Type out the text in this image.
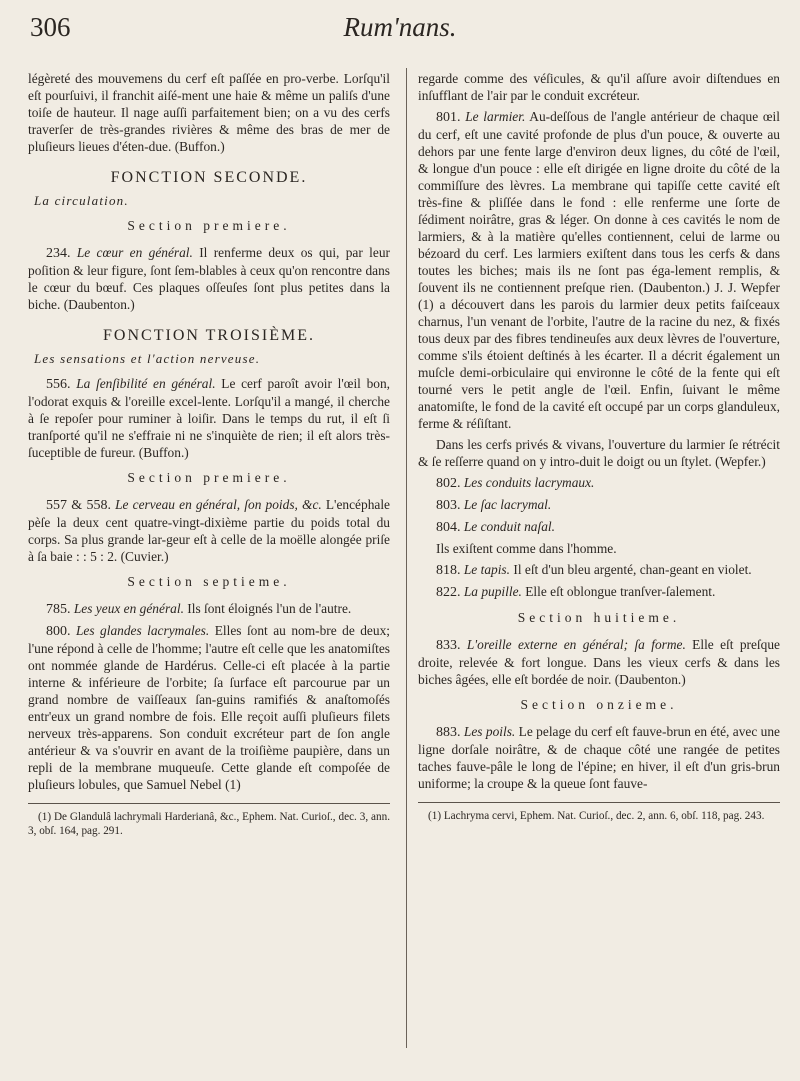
306	Rum'nans.

légèreté des mouvemens du cerf eſt paſſée en pro-verbe. Lorſqu'il eſt pourſuivi, il franchit aiſé-ment une haie & même un paliſs d'une toiſe de hauteur. Il nage auſſi parfaitement bien; on a vu des cerfs traverſer de très-grandes rivières & même des bras de mer de pluſieurs lieues d'éten-due. (Buffon.)

FONCTION SECONDE.
La circulation.
Section premiere.

234. Le cœur en général. Il renferme deux os qui, par leur poſition & leur figure, ſont ſem-blables à ceux qu'on rencontre dans le cœur du bœuf. Ces plaques oſſeuſes ſont plus petites dans la biche. (Daubenton.)

FONCTION TROISIÈME.
Les sensations et l'action nerveuse.

556. La ſenſibilité en général. Le cerf paroît avoir l'œil bon, l'odorat exquis & l'oreille excel-lente. Lorſqu'il a mangé, il cherche à ſe repoſer pour ruminer à loiſir. Dans le temps du rut, il eſt ſi tranſporté qu'il ne s'effraie ni ne s'inquiète de rien; il eſt alors très-ſuceptible de fureur. (Buffon.)

Section premiere.

557 & 558. Le cerveau en général, ſon poids, &c. L'encéphale pèſe la deux cent quatre-vingt-dixième partie du poids total du corps. Sa plus grande lar-geur eſt à celle de la moëlle alongée priſe à ſa baie : : 5 : 2. (Cuvier.)

Section septieme.

785. Les yeux en général. Ils ſont éloignés l'un de l'autre.

800. Les glandes lacrymales. Elles ſont au nom-bre de deux; l'une répond à celle de l'homme; l'autre eſt celle que les anatomiſtes ont nommée glande de Hardérus. Celle-ci eſt placée à la partie interne & inférieure de l'orbite; ſa ſurface eſt parcourue par un grand nombre de vaiſſeaux ſan-guins ramifiés & anaſtomoſés entr'eux un grand nombre de fois. Elle reçoit auſſi pluſieurs filets nerveux très-apparens. Son conduit excréteur part de ſon angle antérieur & va s'ouvrir en avant de la troiſième paupière, dans un repli de la membrane muqueuſe. Cette glande eſt compoſée de pluſieurs lobules, que Samuel Nebel (1)

(1) De Glandulâ lachrymali Harderianâ, &c., Ephem. Nat. Curioſ., dec. 3, ann. 3, obſ. 164, pag. 291.

regarde comme des véſicules, & qu'il aſſure avoir diſtendues en inſufflant de l'air par le conduit excréteur.

801. Le larmier. Au-deſſous de l'angle antérieur de chaque œil du cerf, eſt une cavité profonde de plus d'un pouce, & ouverte au dehors par une fente large d'environ deux lignes, du côté de l'œil, & longue d'un pouce : elle eſt dirigée en ligne droite du côté de la commiſſure des lèvres. La membrane qui tapiſſe cette cavité eſt très-fine & pliſſée dans le fond : elle renferme une ſorte de ſédiment noirâtre, gras & léger. On donne à ces cavités le nom de larmiers, & à la matière qu'elles contiennent, celui de larme ou bézoard du cerf. Les larmiers exiſtent dans tous les cerfs & dans toutes les biches; mais ils ne ſont pas éga-lement remplis, & ſouvent ils ne contiennent preſque rien. (Daubenton.) J. J. Wepfer (1) a découvert dans les parois du larmier deux petits faiſceaux charnus, l'un venant de l'orbite, l'autre de la racine du nez, & fixés tous deux par des fibres tendineuſes aux deux lèvres de l'ouverture, comme s'ils étoient deſtinés à les écarter. Il a décrit également un muſcle demi-orbiculaire qui environne le côté de la fente qui eſt tourné vers le petit angle de l'œil. Enfin, ſuivant le même anatomiſte, le fond de la cavité eſt occupé par un corps glanduleux, ferme & réſiſtant.

Dans les cerfs privés & vivans, l'ouverture du larmier ſe rétrécit & ſe reſſerre quand on y intro-duit le doigt ou un ſtylet. (Wepfer.)

802. Les conduits lacrymaux.

803. Le ſac lacrymal.

804. Le conduit naſal.

Ils exiſtent comme dans l'homme.

818. Le tapis. Il eſt d'un bleu argenté, chan-geant en violet.

822. La pupille. Elle eſt oblongue tranſver-ſalement.

Section huitieme.

833. L'oreille externe en général; ſa forme. Elle eſt preſque droite, relevée & fort longue. Dans les vieux cerfs & dans les biches âgées, elle eſt bordée de noir. (Daubenton.)

Section onzieme.

883. Les poils. Le pelage du cerf eſt fauve-brun en été, avec une ligne dorſale noirâtre, & de chaque côté une rangée de petites taches fauve-pâle le long de l'épine; en hiver, il eſt d'un gris-brun uniforme; la croupe & la queue ſont fauve-

(1) Lachryma cervi, Ephem. Nat. Curioſ., dec. 2, ann. 6, obſ. 118, pag. 243.
